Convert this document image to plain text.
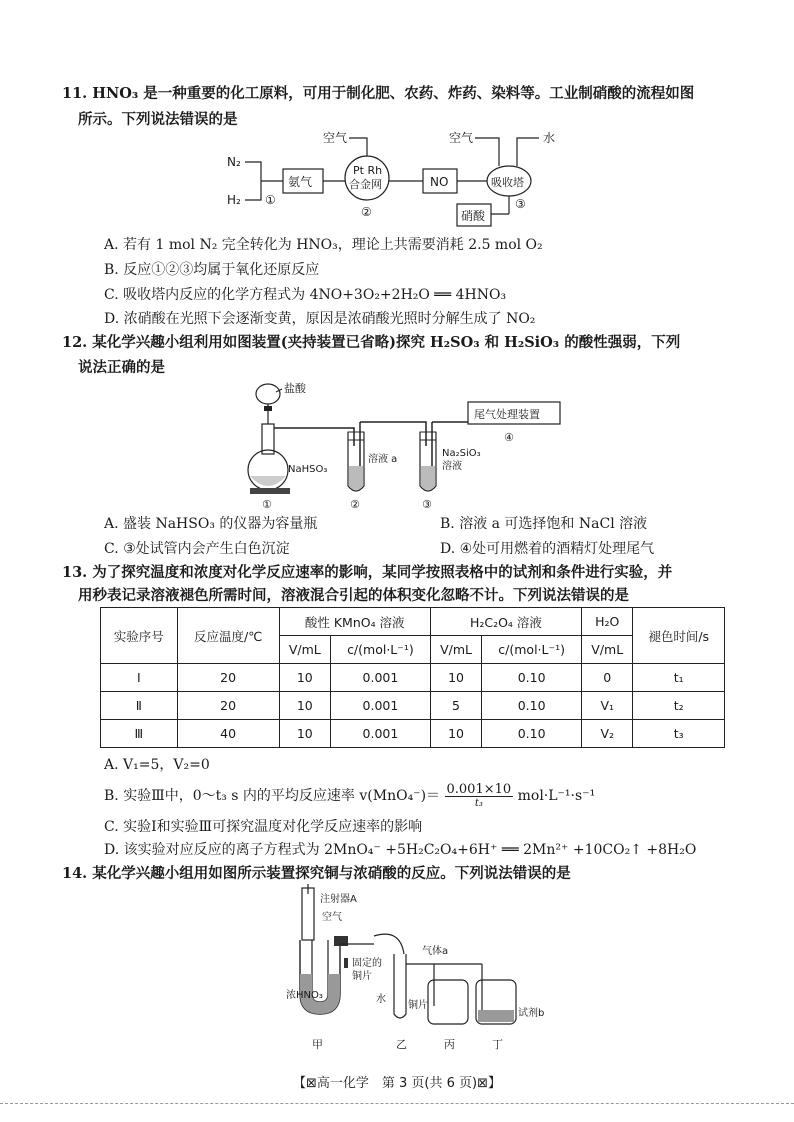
11. HNO₃ 是一种重要的化工原料，可用于制化肥、农药、炸药、染料等。工业制硝酸的流程如图
所示。下列说法错误的是
N₂
H₂ ①
氨气
Pt Rh
合金网
空气
②
NO	吸收塔
空气	水
③
硝酸
A. 若有 1 mol N₂ 完全转化为 HNO₃，理论上共需要消耗 2.5 mol O₂
B. 反应①②③均属于氧化还原反应
C. 吸收塔内反应的化学方程式为 4NO+3O₂+2H₂O ══ 4HNO₃
D. 浓硝酸在光照下会逐渐变黄，原因是浓硝酸光照时分解生成了 NO₂
12. 某化学兴趣小组利用如图装置(夹持装置已省略)探究 H₂SO₃ 和 H₂SiO₃ 的酸性强弱，下列
说法正确的是
盐酸
NaHSO₃
①
溶液 a
②
Na₂SiO₃
溶液
③
尾气处理装置
④
A. 盛装 NaHSO₃ 的仪器为容量瓶	B. 溶液 a 可选择饱和 NaCl 溶液
C. ③处试管内会产生白色沉淀	D. ④处可用燃着的酒精灯处理尾气
13. 为了探究温度和浓度对化学反应速率的影响，某同学按照表格中的试剂和条件进行实验，并
用秒表记录溶液褪色所需时间，溶液混合引起的体积变化忽略不计。下列说法错误的是
实验序号	反应温度/℃	酸性 KMnO₄ 溶液		H₂C₂O₄ 溶液		H₂O	褪色时间/s
		V/mL	c/(mol·L⁻¹)	V/mL	c/(mol·L⁻¹)	V/mL	
Ⅰ	20	10	0.001	10	0.10	0	t₁
Ⅱ	20	10	0.001	5	0.10	V₁	t₂
Ⅲ	40	10	0.001	10	0.10	V₂	t₃
A. V₁=5，V₂=0
B. 实验Ⅲ中，0～t₃ s 内的平均反应速率 $v(MnO_4^-)= \frac{0.001\times 10}{\text{t₃}} mol\cdot L^{-1}\cdot s^{-1}$
C. 实验Ⅰ和实验Ⅲ可探究温度对化学反应速率的影响
D. 该实验对应反应的离子方程式为 2MnO₄⁻ +5H₂C₂O₄+6H⁺ ══ 2Mn²⁺ +10CO₂↑ +8H₂O
14. 某化学兴趣小组用如图所示装置探究铜与浓硝酸的反应。下列说法错误的是
注射器A
空气
浓HNO₃
固定的
铜片
水
铜片
气体a
试剂b
甲	乙	丙	丁
【⊠高一化学　第 3 页(共 6 页)⊠】
